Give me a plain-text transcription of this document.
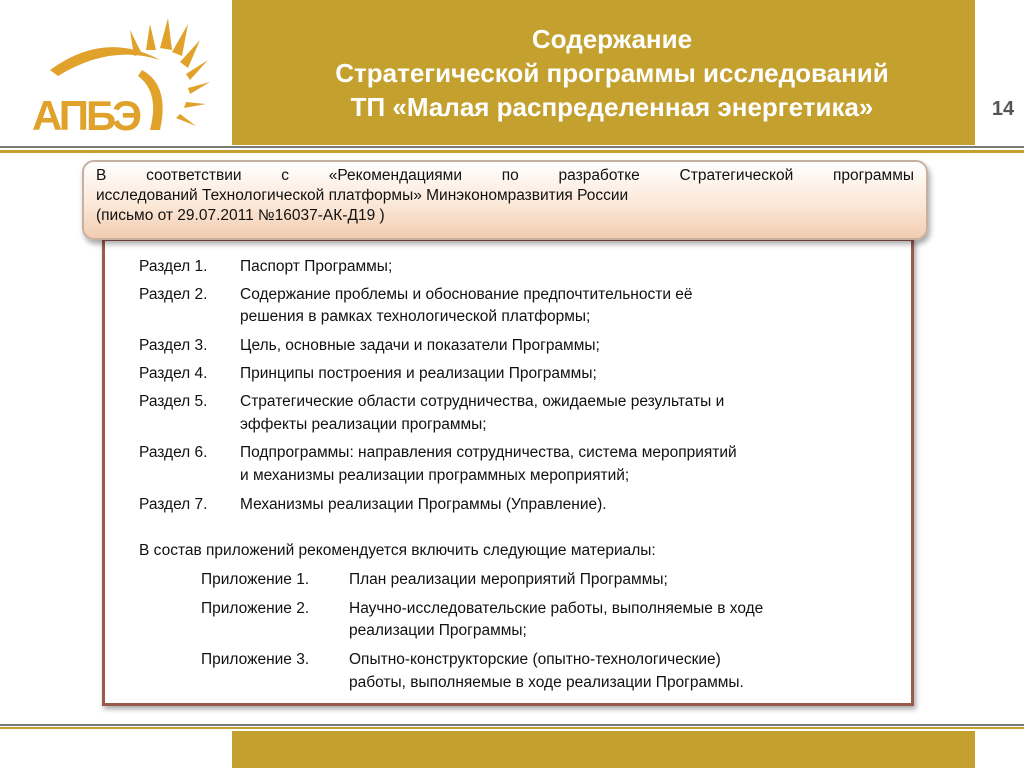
АПБЭ
Содержание
Стратегической программы исследований
ТП «Малая распределенная энергетика»	14
В соответствии с «Рекомендациями по разработке Стратегической программы
исследований Технологической платформы» Минэкономразвития России
(письмо от 29.07.2011 №16037-АК-Д19 )
Раздел 1. Паспорт Программы;
Раздел 2. Содержание проблемы и обоснование предпочтительности её
решения в рамках технологической платформы;
Раздел 3. Цель, основные задачи и показатели Программы;
Раздел 4. Принципы построения и реализации Программы;
Раздел 5. Стратегические области сотрудничества, ожидаемые результаты и
эффекты реализации программы;
Раздел 6. Подпрограммы: направления сотрудничества, система мероприятий
и механизмы реализации программных мероприятий;
Раздел 7. Механизмы реализации Программы (Управление).
В состав приложений рекомендуется включить следующие материалы:
Приложение 1.	План реализации мероприятий Программы;
Приложение 2.	Научно-исследовательские работы, выполняемые в ходе
реализации Программы;
Приложение 3.	Опытно-конструкторские (опытно-технологические)
работы, выполняемые в ходе реализации Программы.
